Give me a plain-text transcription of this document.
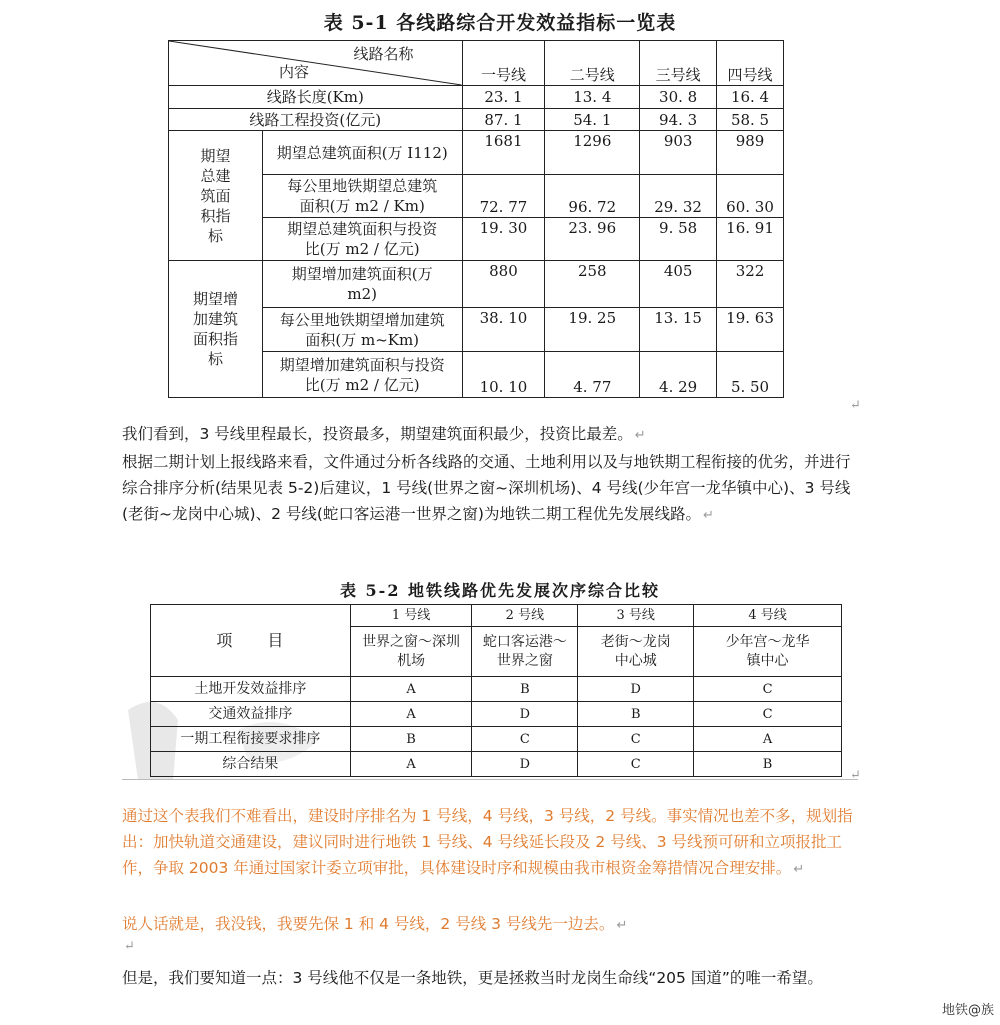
表 5-1 各线路综合开发效益指标一览表
线路名称
内容		一号线	二号线	三号线	四号线
线路长度(Km)		23. 1	13. 4	30. 8	16. 4
线路工程投资(亿元)		87. 1	54. 1	94. 3	58. 5
期望总建筑面积指标	期望总建筑面积(万 I112)	1681	1296	903	989
	每公里地铁期望总建筑面积(万 m2 / Km)	72. 77	96. 72	29. 32	60. 30
	期望总建筑面积与投资比(万 m2 / 亿元)	19. 30	23. 96	9. 58	16. 91
期望增加建筑面积指标	期望增加建筑面积(万 m2)	880	258	405	322
	每公里地铁期望增加建筑面积(万 m~Km)	38. 10	19. 25	13. 15	19. 63
	期望增加建筑面积与投资比(万 m2 / 亿元)	10. 10	4. 77	4. 29	5. 50
↵
我们看到，3 号线里程最长，投资最多，期望建筑面积最少，投资比最差。 ↵
根据二期计划上报线路来看，文件通过分析各线路的交通、土地利用以及与地铁期工程衔接的优劣，并进行综合排序分析(结果见表 5-2)后建议，1 号线(世界之窗~深圳机场)、4 号线(少年宫一龙华镇中心)、3 号线(老街~龙岗中心城)、2 号线(蛇口客运港一世界之窗)为地铁二期工程优先发展线路。 ↵
表 5-2 地铁线路优先发展次序综合比较
项　　目	1 号线	2 号线	3 号线	4 号线
	世界之窗～深圳机场	蛇口客运港～世界之窗	老街～龙岗中心城	少年宫～龙华镇中心
土地开发效益排序	A	B	D	C
交通效益排序	A	D	B	C
一期工程衔接要求排序	B	C	C	A
综合结果	A	D	C	B
↵
通过这个表我们不难看出，建设时序排名为 1 号线，4 号线，3 号线，2 号线。事实情况也差不多，规划指出：加快轨道交通建设，建议同时进行地铁 1 号线、4 号线延长段及 2 号线、3 号线预可研和立项报批工作，争取 2003 年通过国家计委立项审批，具体建设时序和规模由我市根资金筹措情况合理安排。 ↵
说人话就是，我没钱，我要先保 1 和 4 号线，2 号线 3 号线先一边去。 ↵
↵
但是，我们要知道一点：3 号线他不仅是一条地铁，更是拯救当时龙岗生命线“205 国道”的唯一希望。
地铁@族
